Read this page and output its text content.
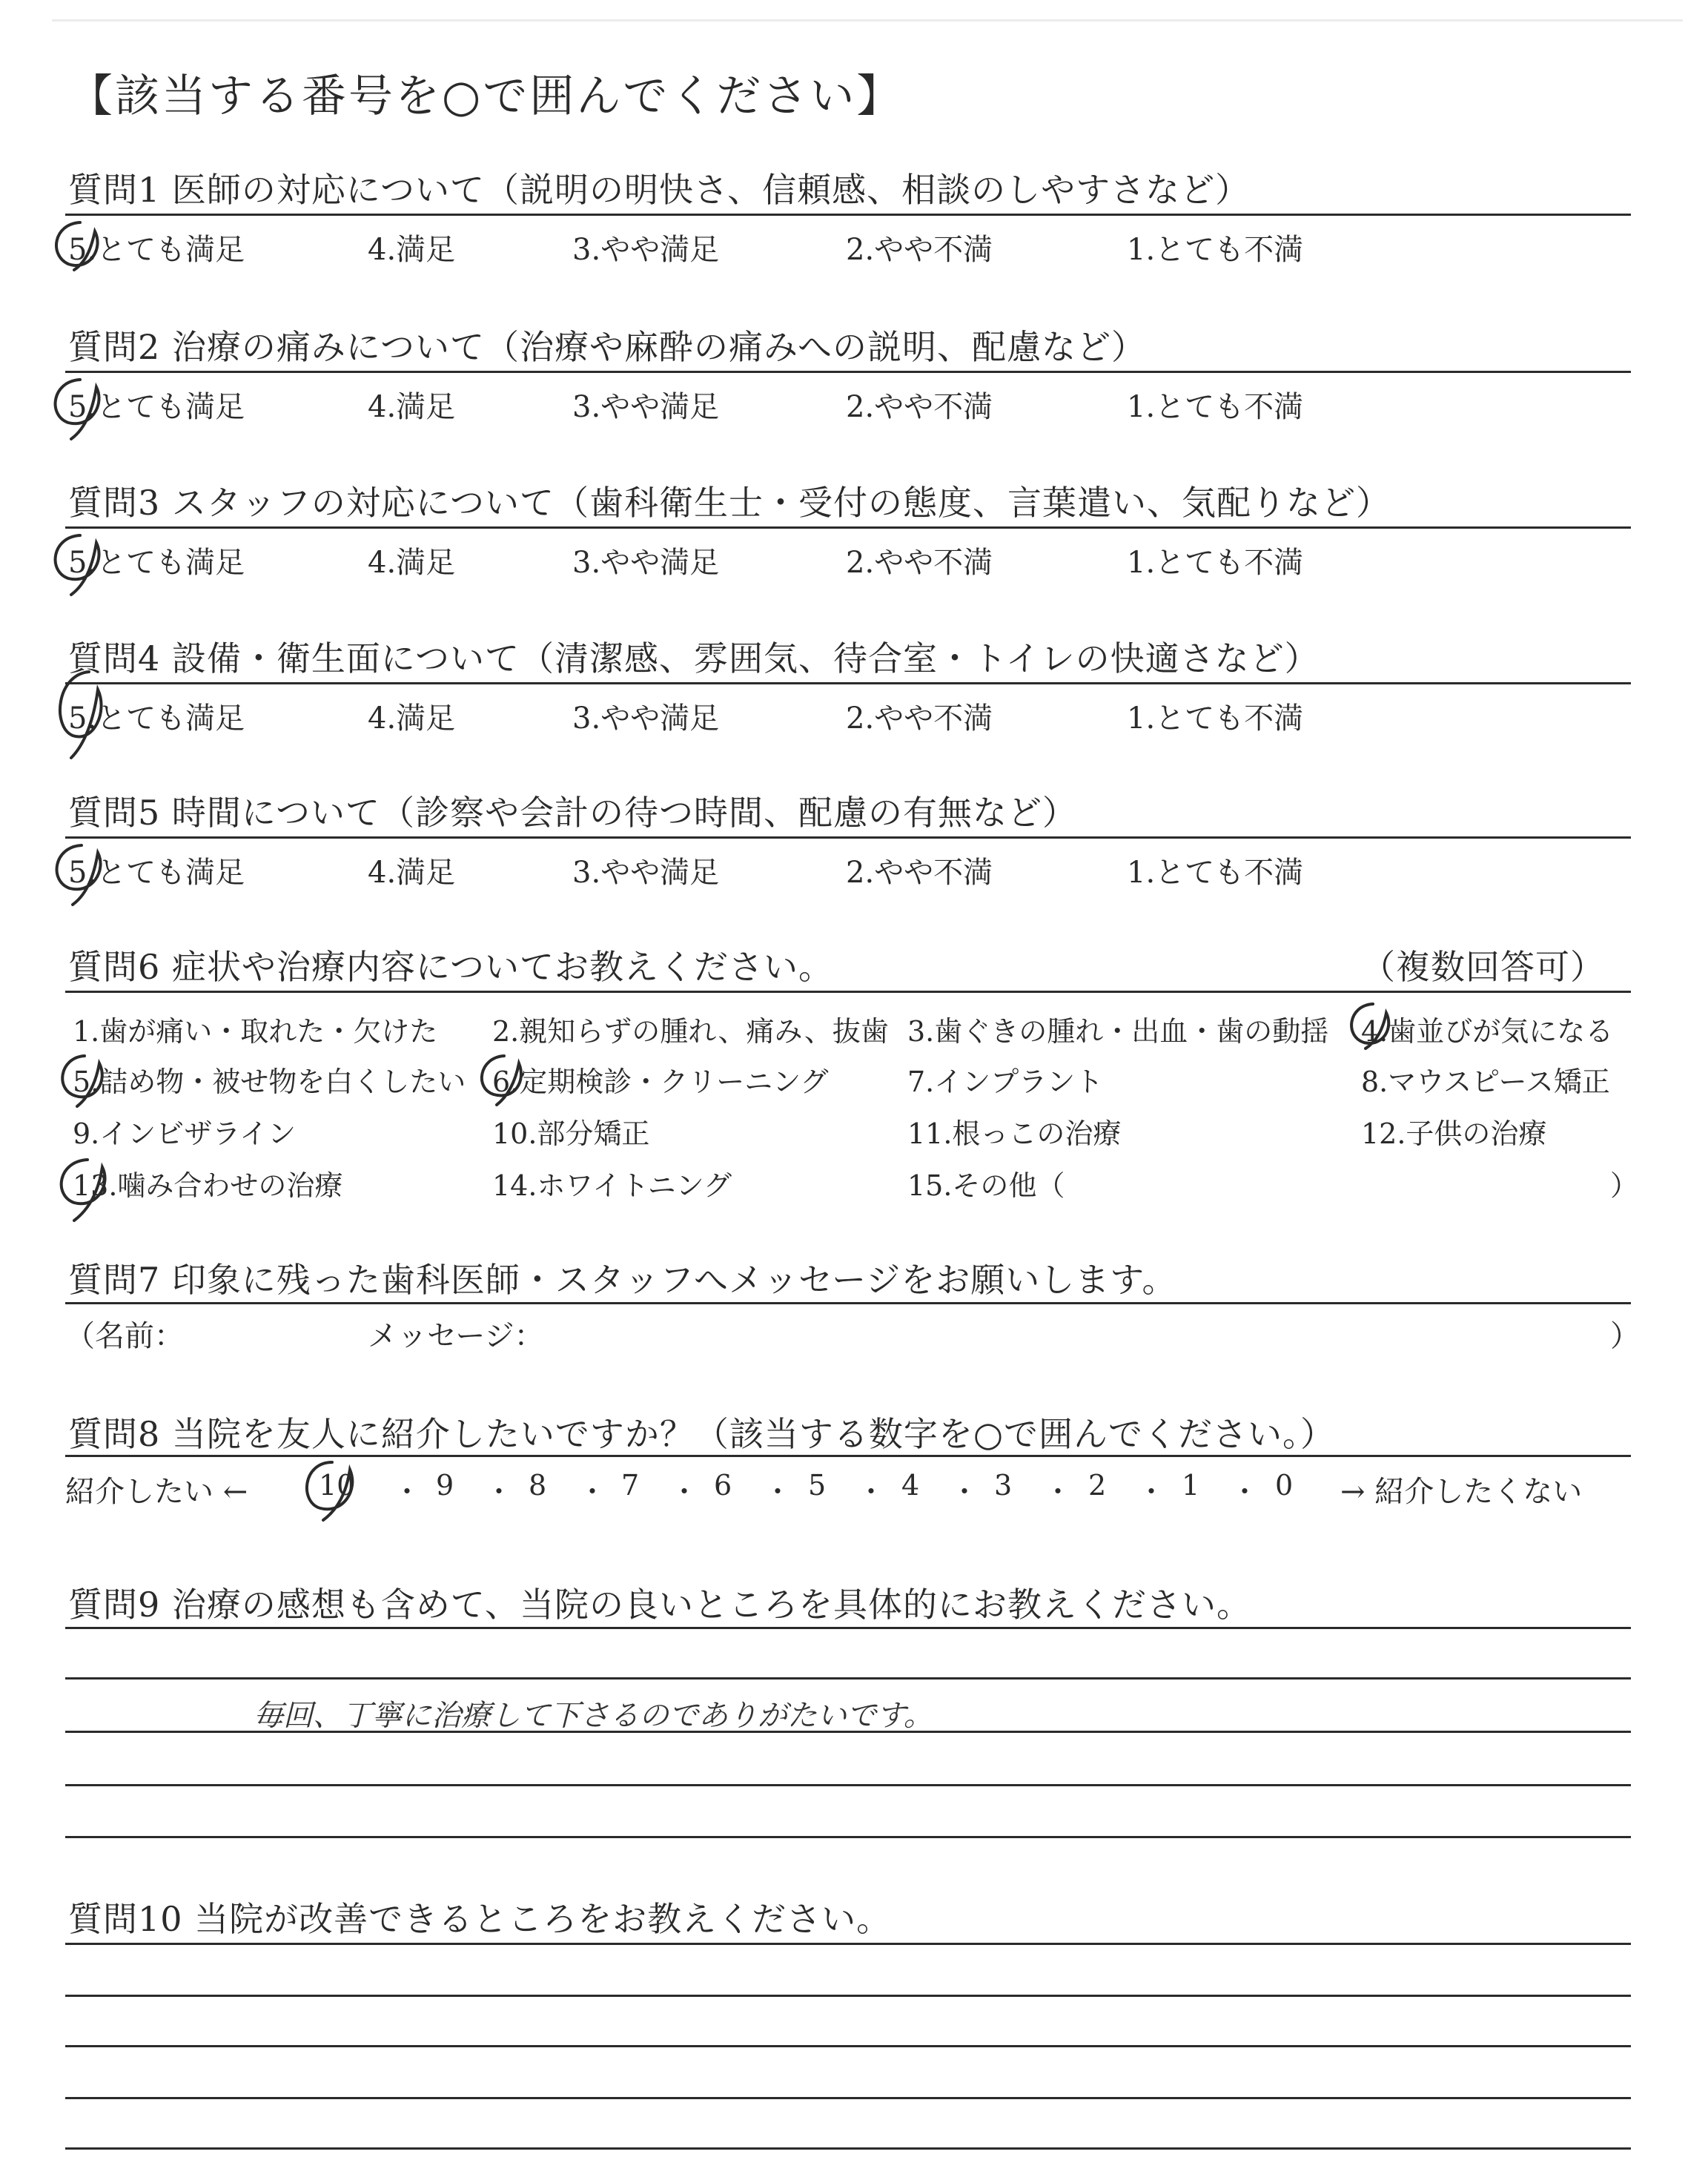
【該当する番号を○で囲んでください】
質問1 医師の対応について（説明の明快さ、信頼感、相談のしやすさなど）
5.とても満足	4.満足	3.やや満足	2.やや不満	1.とても不満
質問2 治療の痛みについて（治療や麻酔の痛みへの説明、配慮など）
5.とても満足	4.満足	3.やや満足	2.やや不満	1.とても不満
質問3 スタッフの対応について（歯科衛生士・受付の態度、言葉遣い、気配りなど）
5.とても満足	4.満足	3.やや満足	2.やや不満	1.とても不満
質問4 設備・衛生面について（清潔感、雰囲気、待合室・トイレの快適さなど）
5.とても満足	4.満足	3.やや満足	2.やや不満	1.とても不満
質問5 時間について（診察や会計の待つ時間、配慮の有無など）
5.とても満足	4.満足	3.やや満足	2.やや不満	1.とても不満
質問6 症状や治療内容についてお教えください。	（複数回答可）
1.歯が痛い・取れた・欠けた 2.親知らずの腫れ、痛み、抜歯 3.歯ぐきの腫れ・出血・歯の動揺 4.歯並びが気になる
5.詰め物・被せ物を白くしたい 6.定期検診・クリーニング	7.インプラント	8.マウスピース矯正
9.インビザライン	10.部分矯正	11.根っこの治療	12.子供の治療
13.噛み合わせの治療	14.ホワイトニング	15.その他（	）
質問7 印象に残った歯科医師・スタッフへメッセージをお願いします。
（名前：	メッセージ：	）
質問8 当院を友人に紹介したいですか？（該当する数字を○で囲んでください。）
紹介したい ←	10 ・ 9 ・ 8 ・ 7 ・ 6 ・ 5 ・ 4 ・ 3 ・ 2 ・ 1 ・ 0 → 紹介したくない
質問9 治療の感想も含めて、当院の良いところを具体的にお教えください。
毎回、丁寧に治療して下さるのでありがたいです。
質問10 当院が改善できるところをお教えください。
